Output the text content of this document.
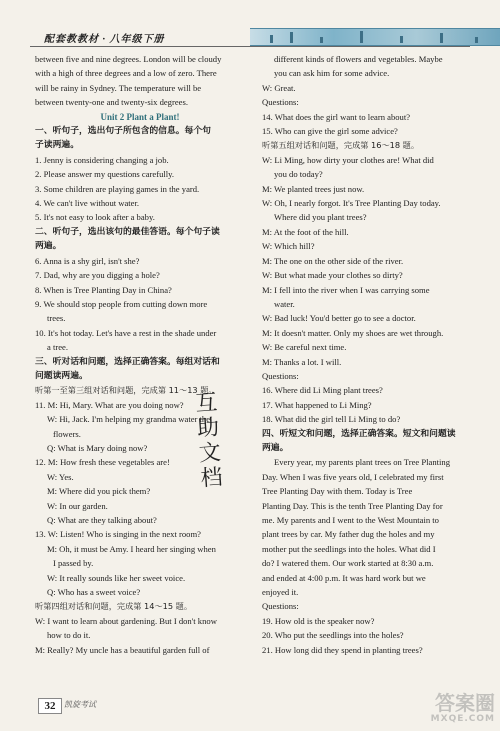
配套教教材 · 八年级下册
between five and nine degrees. London will be cloudy
with a high of three degrees and a low of zero. There
will be rainy in Sydney. The temperature will be
between twenty-one and twenty-six degrees.
Unit 2 Plant a Plant!
一、听句子，选出句子所包含的信息。每个句
子读两遍。
1. Jenny is considering changing a job.
2. Please answer my questions carefully.
3. Some children are playing games in the yard.
4. We can't live without water.
5. It's not easy to look after a baby.
二、听句子，选出该句的最佳答语。每个句子读
两遍。
6. Anna is a shy girl, isn't she?
7. Dad, why are you digging a hole?
8. When is Tree Planting Day in China?
9. We should stop people from cutting down more
trees.
10. It's hot today. Let's have a rest in the shade under
a tree.
三、听对话和问题，选择正确答案。每组对话和
问题读两遍。
听第一至第三组对话和问题，完成第 11～13 题。
11. M: Hi, Mary. What are you doing now?
W: Hi, Jack. I'm helping my grandma water the
flowers.
Q: What is Mary doing now?
12. M: How fresh these vegetables are!
W: Yes.
M: Where did you pick them?
W: In our garden.
Q: What are they talking about?
13. W: Listen! Who is singing in the next room?
M: Oh, it must be Amy. I heard her singing when
I passed by.
W: It really sounds like her sweet voice.
Q: Who has a sweet voice?
听第四组对话和问题，完成第 14～15 题。
W: I want to learn about gardening. But I don't know
how to do it.
M: Really? My uncle has a beautiful garden full of
different kinds of flowers and vegetables. Maybe
you can ask him for some advice.
W: Great.
Questions:
14. What does the girl want to learn about?
15. Who can give the girl some advice?
听第五组对话和问题，完成第 16～18 题。
W: Li Ming, how dirty your clothes are! What did
you do today?
M: We planted trees just now.
W: Oh, I nearly forgot. It's Tree Planting Day today.
Where did you plant trees?
M: At the foot of the hill.
W: Which hill?
M: The one on the other side of the river.
W: But what made your clothes so dirty?
M: I fell into the river when I was carrying some
water.
W: Bad luck! You'd better go to see a doctor.
M: It doesn't matter. Only my shoes are wet through.
W: Be careful next time.
M: Thanks a lot. I will.
Questions:
16. Where did Li Ming plant trees?
17. What happened to Li Ming?
18. What did the girl tell Li Ming to do?
四、听短文和问题，选择正确答案。短文和问题读
两遍。
Every year, my parents plant trees on Tree Planting
Day. When I was five years old, I celebrated my first
Tree Planting Day with them. Today is Tree
Planting Day. This is the tenth Tree Planting Day for
me. My parents and I went to the West Mountain to
plant trees by car. My father dug the holes and my
mother put the seedlings into the holes. What did I
do? I watered them. Our work started at 8:30 a.m.
and ended at 4:00 p.m. It was hard work but we
enjoyed it.
Questions:
19. How old is the speaker now?
20. Who put the seedlings into the holes?
21. How long did they spend in planting trees?
互
助
文
档
32	凯旋考试	答案圈
MXQE.COM
